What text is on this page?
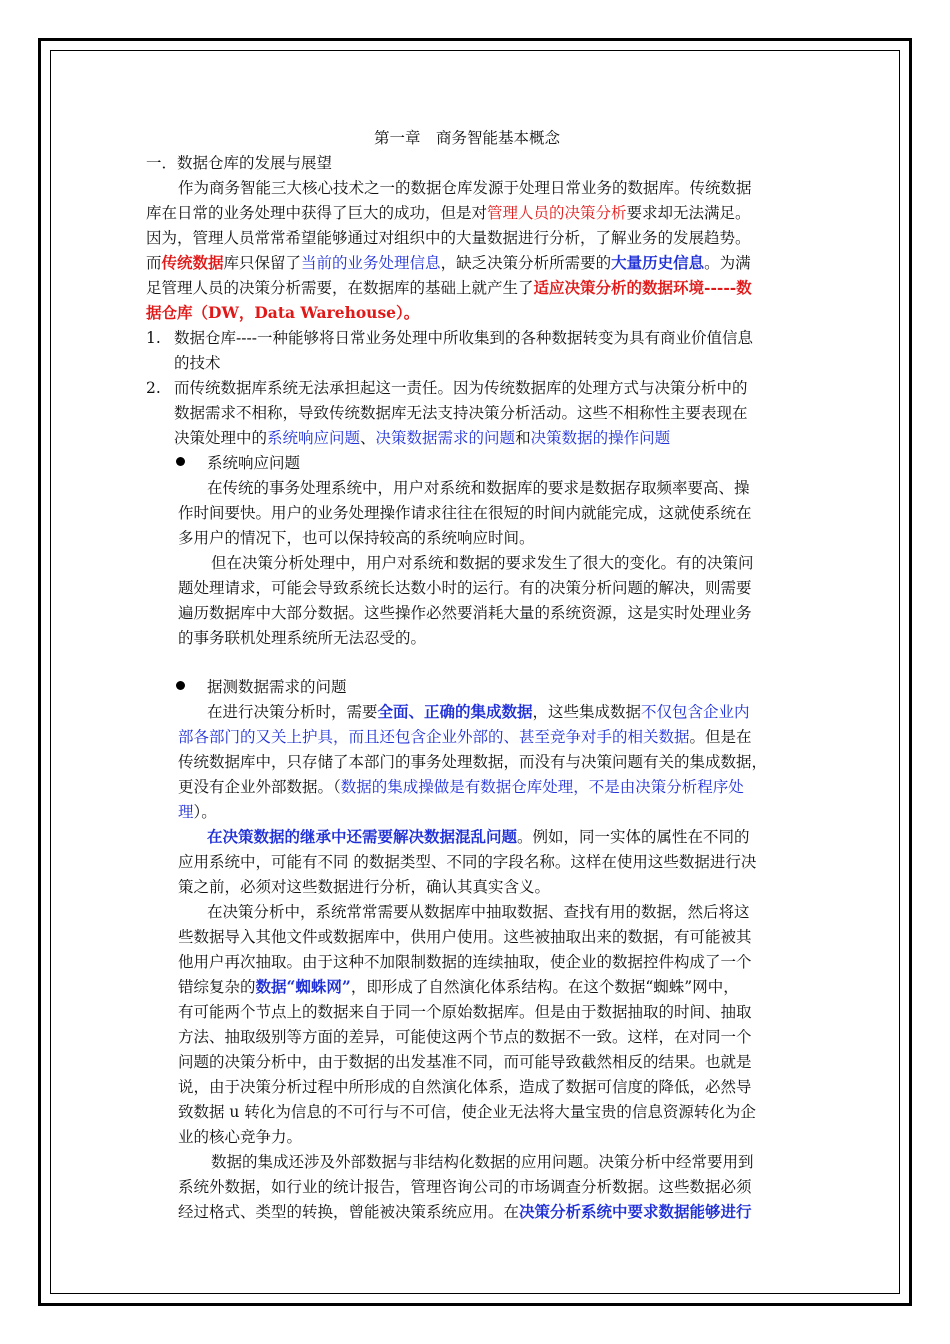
第一章　商务智能基本概念
一．数据仓库的发展与展望
作为商务智能三大核心技术之一的数据仓库发源于处理日常业务的数据库。传统数据
库在日常的业务处理中获得了巨大的成功，但是对管理人员的决策分析要求却无法满足。
因为，管理人员常常希望能够通过对组织中的大量数据进行分析，了解业务的发展趋势。
而传统数据库只保留了当前的业务处理信息，缺乏决策分析所需要的大量历史信息。为满
足管理人员的决策分析需要，在数据库的基础上就产生了适应决策分析的数据环境-----数
据仓库（DW，Data Warehouse）。
1. 数据仓库----一种能够将日常业务处理中所收集到的各种数据转变为具有商业价值信息
的技术
2. 而传统数据库系统无法承担起这一责任。因为传统数据库的处理方式与决策分析中的
数据需求不相称，导致传统数据库无法支持决策分析活动。这些不相称性主要表现在
决策处理中的系统响应问题、决策数据需求的问题和决策数据的操作问题
系统响应问题
在传统的事务处理系统中，用户对系统和数据库的要求是数据存取频率要高、操
作时间要快。用户的业务处理操作请求往往在很短的时间内就能完成，这就使系统在
多用户的情况下，也可以保持较高的系统响应时间。
但在决策分析处理中，用户对系统和数据的要求发生了很大的变化。有的决策问
题处理请求，可能会导致系统长达数小时的运行。有的决策分析问题的解决，则需要
遍历数据库中大部分数据。这些操作必然要消耗大量的系统资源，这是实时处理业务
的事务联机处理系统所无法忍受的。
据测数据需求的问题
在进行决策分析时，需要全面、正确的集成数据，这些集成数据不仅包含企业内
部各部门的又关上护具，而且还包含企业外部的、甚至竞争对手的相关数据。但是在
传统数据库中，只存储了本部门的事务处理数据，而没有与决策问题有关的集成数据，
更没有企业外部数据。（数据的集成操做是有数据仓库处理，不是由决策分析程序处
理）。
在决策数据的继承中还需要解决数据混乱问题。例如，同一实体的属性在不同的
应用系统中，可能有不同 的数据类型、不同的字段名称。这样在使用这些数据进行决
策之前，必须对这些数据进行分析，确认其真实含义。
在决策分析中，系统常常需要从数据库中抽取数据、查找有用的数据，然后将这
些数据导入其他文件或数据库中，供用户使用。这些被抽取出来的数据，有可能被其
他用户再次抽取。由于这种不加限制数据的连续抽取，使企业的数据控件构成了一个
错综复杂的数据“蜘蛛网”，即形成了自然演化体系结构。在这个数据“蜘蛛”网中，
有可能两个节点上的数据来自于同一个原始数据库。但是由于数据抽取的时间、抽取
方法、抽取级别等方面的差异，可能使这两个节点的数据不一致。这样，在对同一个
问题的决策分析中，由于数据的出发基准不同，而可能导致截然相反的结果。也就是
说，由于决策分析过程中所形成的自然演化体系，造成了数据可信度的降低，必然导
致数据 u 转化为信息的不可行与不可信，使企业无法将大量宝贵的信息资源转化为企
业的核心竞争力。
数据的集成还涉及外部数据与非结构化数据的应用问题。决策分析中经常要用到
系统外数据，如行业的统计报告，管理咨询公司的市场调查分析数据。这些数据必须
经过格式、类型的转换，曾能被决策系统应用。在决策分析系统中要求数据能够进行
